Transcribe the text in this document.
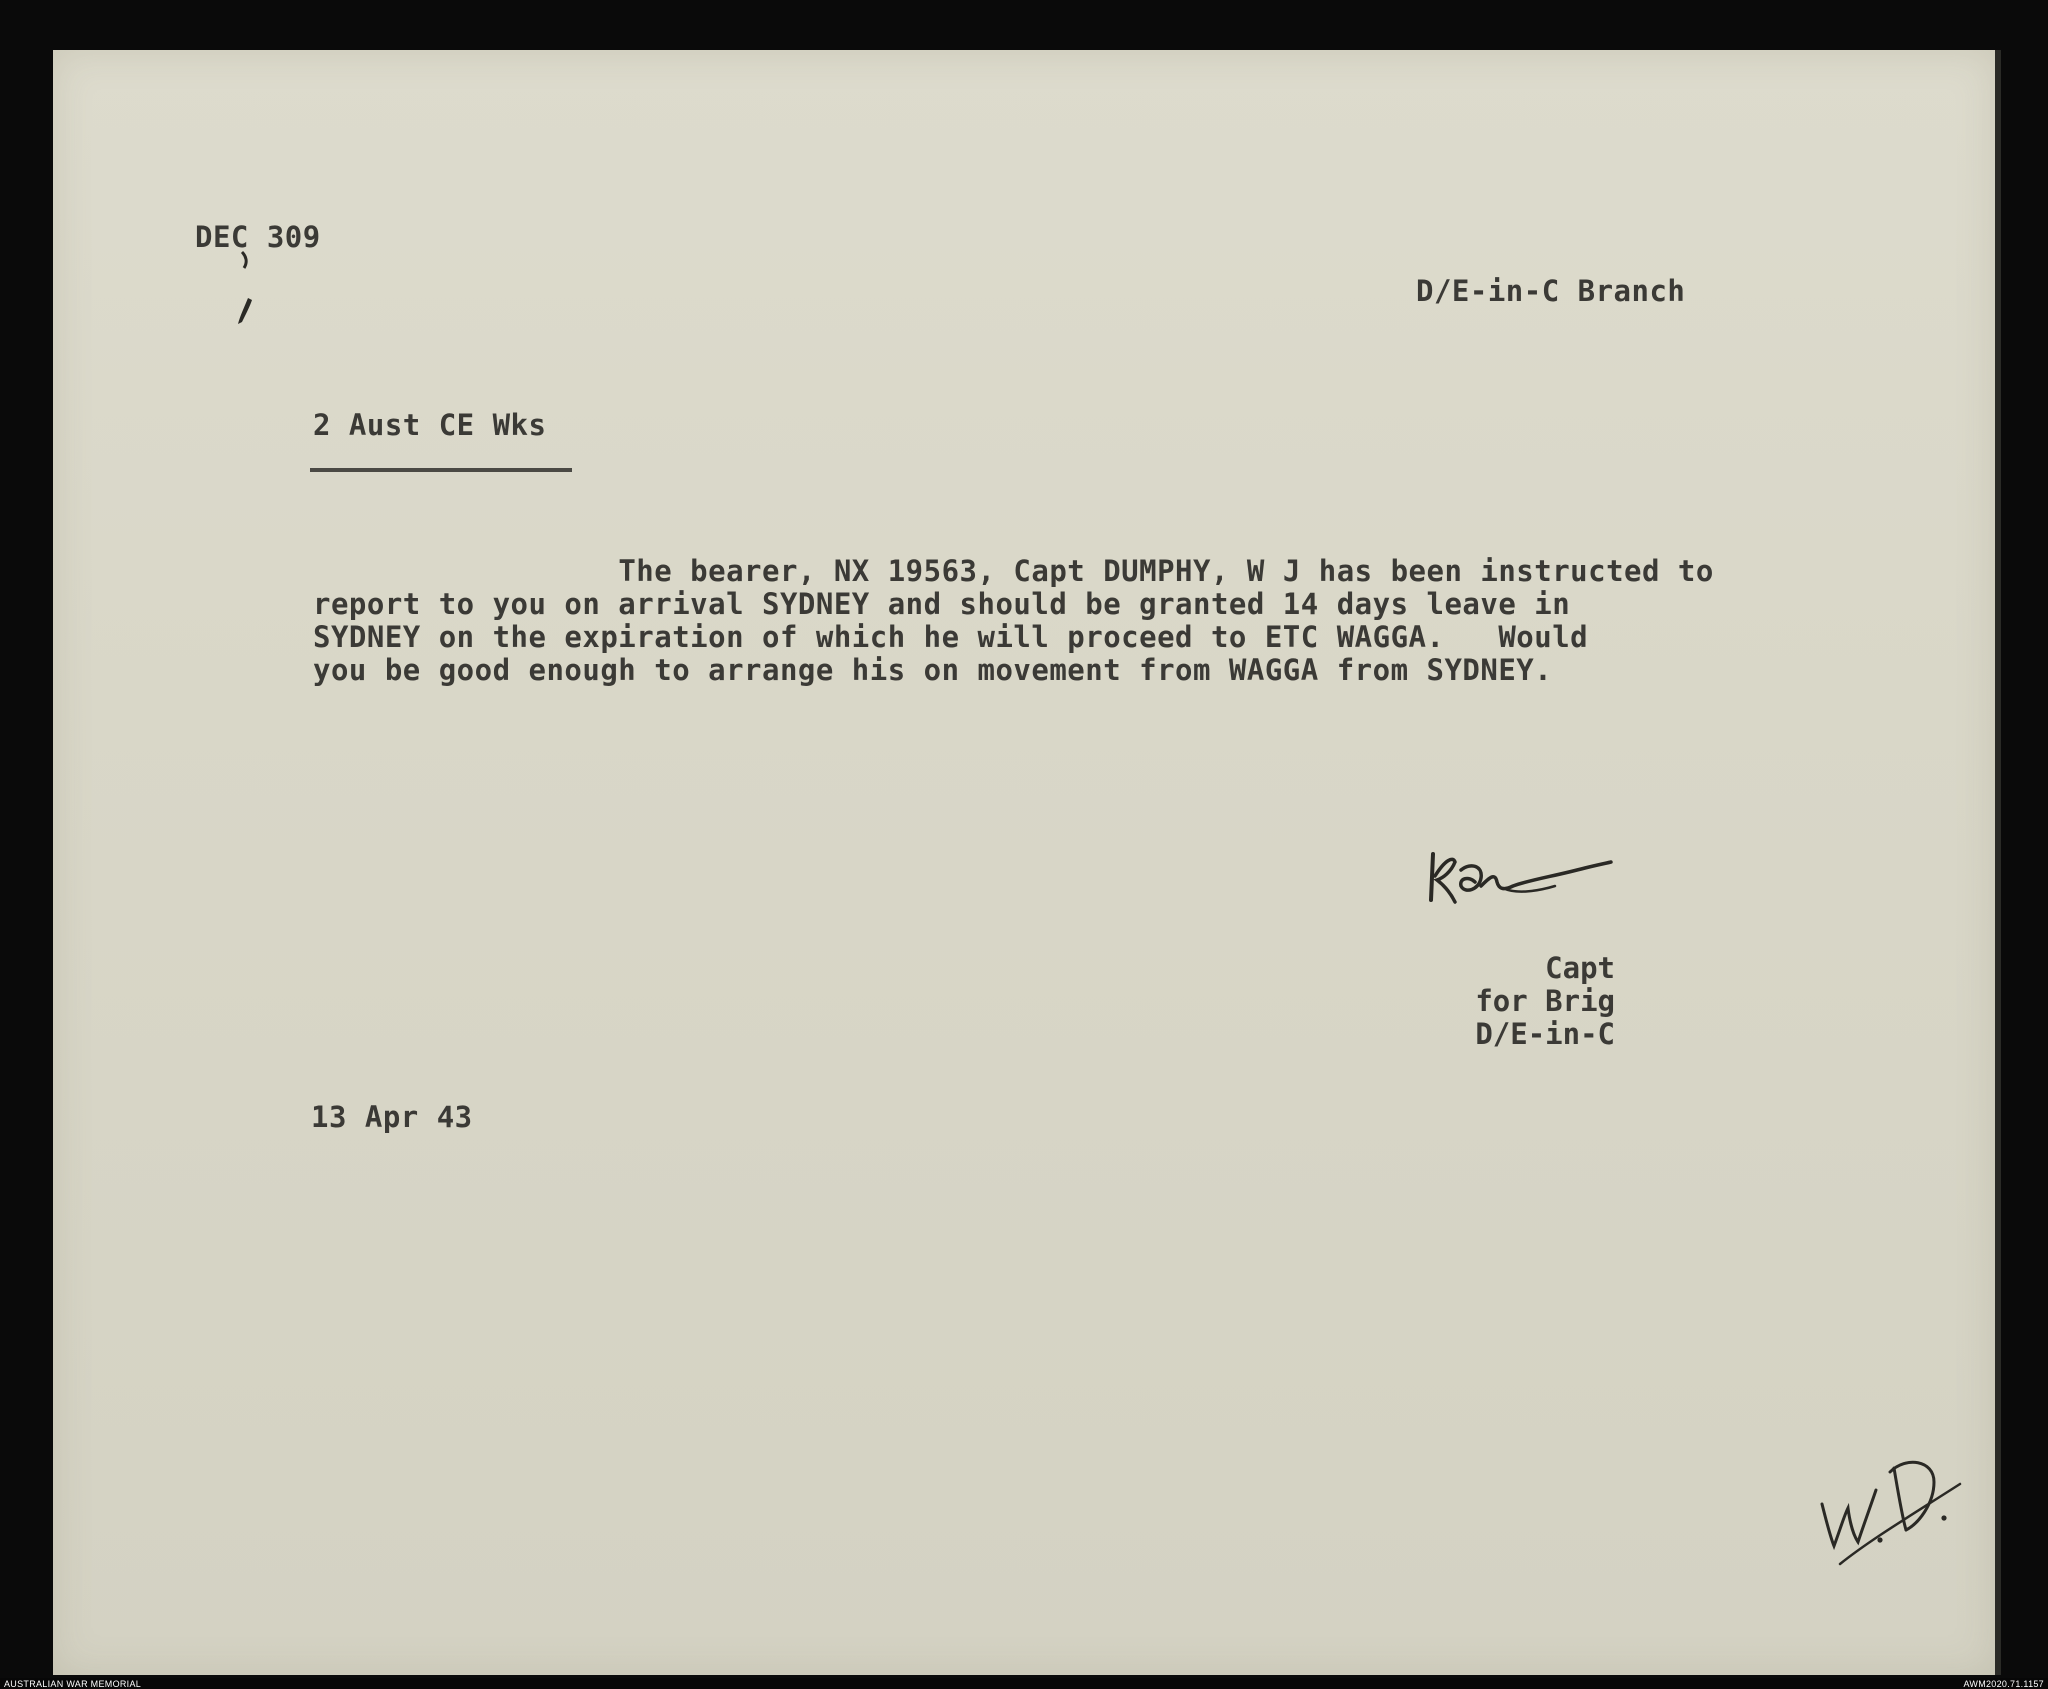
DEC 309
D/E-in-C Branch
2 Aust CE Wks

The bearer, NX 19563, Capt DUMPHY, W J has been instructed to
report to you on arrival SYDNEY and should be granted 14 days leave in
SYDNEY on the expiration of which he will proceed to ETC WAGGA.   Would
you be good enough to arrange his on movement from WAGGA from SYDNEY.

Capt
for Brig
D/E-in-C
13 Apr 43
AUSTRALIAN WAR MEMORIAL	AWM2020.71.1157
